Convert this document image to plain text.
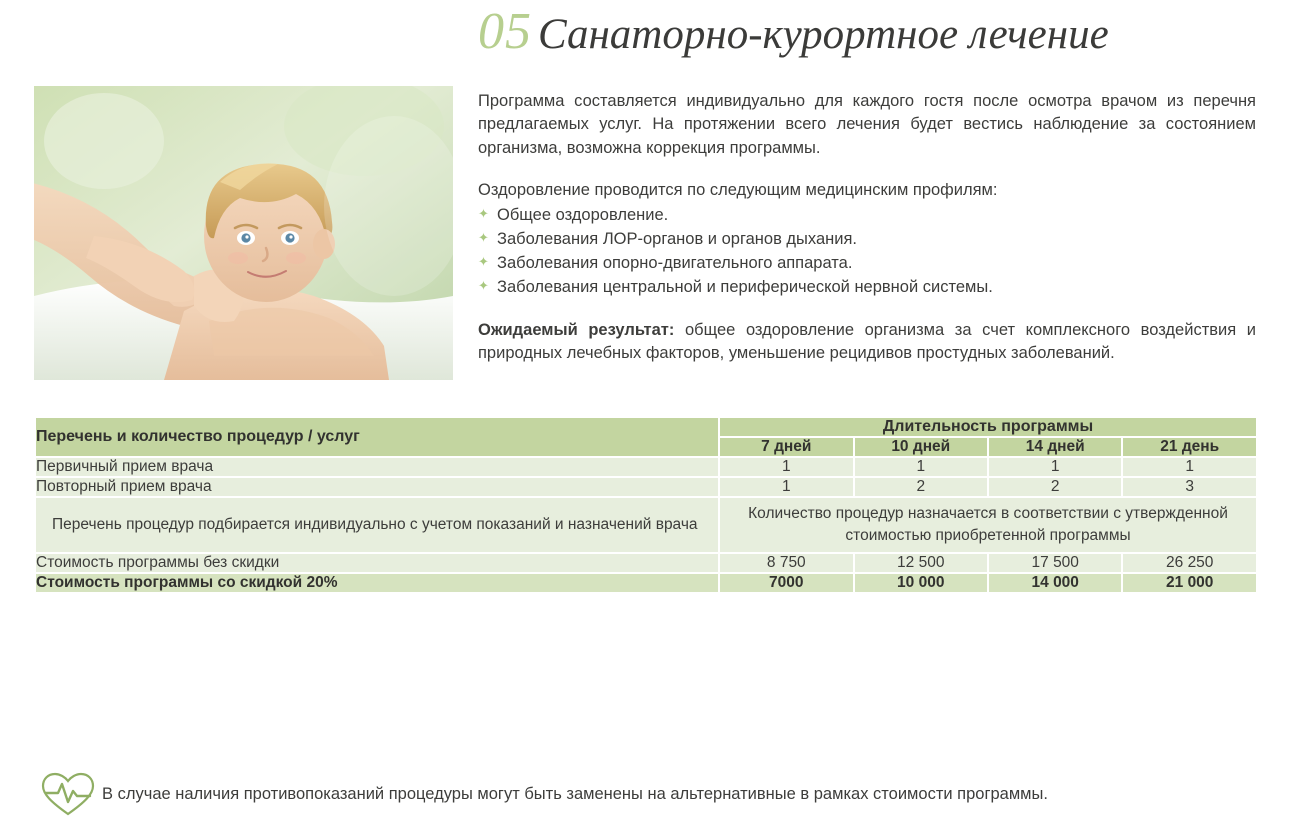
05 Санаторно-курортное лечение

Программа составляется индивидуально для каждого гостя после осмотра врачом из перечня предлагаемых услуг. На протяжении всего лечения будет вестись наблюдение за состоянием организма, возможна коррекция программы.

Оздоровление проводится по следующим медицинским профилям:

✦ Общее оздоровление.
✦ Заболевания ЛОР-органов и органов дыхания.
✦ Заболевания опорно-двигательного аппарата.
✦ Заболевания центральной и периферической нервной системы.

Ожидаемый результат: общее оздоровление организма за счет комплексного воздействия и природных лечебных факторов, уменьшение рецидивов простудных заболеваний.

Перечень и количество процедур / услуг	Длительность программы			
	7 дней	10 дней	14 дней	21 день
Первичный прием врача	1	1	1	1
Повторный прием врача	1	2	2	3
Перечень процедур подбирается индивидуально с учетом показаний и назначений врача	Количество процедур назначается в соответствии с утвержденной стоимостью приобретенной программы			
Стоимость программы без скидки	8 750	12 500	17 500	26 250
Стоимость программы со скидкой 20%	7000	10 000	14 000	21 000
В случае наличия противопоказаний процедуры могут быть заменены на альтернативные в рамках стоимости программы.
